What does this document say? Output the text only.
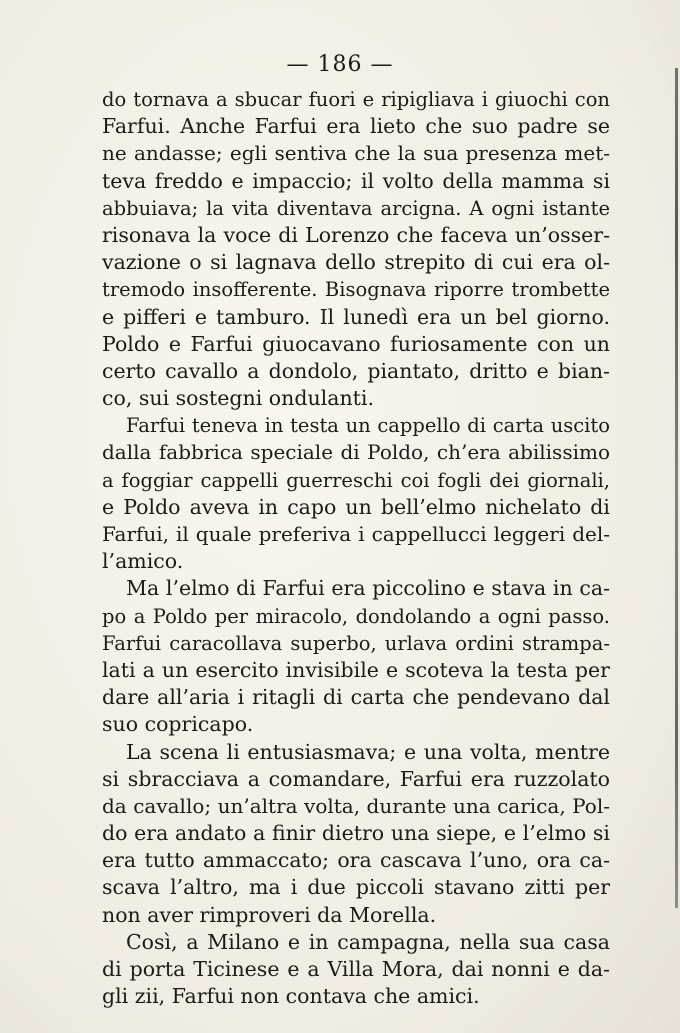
— 186 —
do tornava a sbucar fuori e ripigliava i giuochi con
Farfui. Anche Farfui era lieto che suo padre se
ne andasse; egli sentiva che la sua presenza met-
teva freddo e impaccio; il volto della mamma si
abbuiava; la vita diventava arcigna. A ogni istante
risonava la voce di Lorenzo che faceva un’osser-
vazione o si lagnava dello strepito di cui era ol-
tremodo insofferente. Bisognava riporre trombette
e pifferi e tamburo. Il lunedì era un bel giorno.
Poldo e Farfui giuocavano furiosamente con un
certo cavallo a dondolo, piantato, dritto e bian-
co, sui sostegni ondulanti.
Farfui teneva in testa un cappello di carta uscito
dalla fabbrica speciale di Poldo, ch’era abilissimo
a foggiar cappelli guerreschi coi fogli dei giornali,
e Poldo aveva in capo un bell’elmo nichelato di
Farfui, il quale preferiva i cappellucci leggeri del-
l’amico.
Ma l’elmo di Farfui era piccolino e stava in ca-
po a Poldo per miracolo, dondolando a ogni passo.
Farfui caracollava superbo, urlava ordini strampa-
lati a un esercito invisibile e scoteva la testa per
dare all’aria i ritagli di carta che pendevano dal
suo copricapo.
La scena li entusiasmava; e una volta, mentre
si sbracciava a comandare, Farfui era ruzzolato
da cavallo; un’altra volta, durante una carica, Pol-
do era andato a finir dietro una siepe, e l’elmo si
era tutto ammaccato; ora cascava l’uno, ora ca-
scava l’altro, ma i due piccoli stavano zitti per
non aver rimproveri da Morella.
Così, a Milano e in campagna, nella sua casa
di porta Ticinese e a Villa Mora, dai nonni e da-
gli zii, Farfui non contava che amici.
